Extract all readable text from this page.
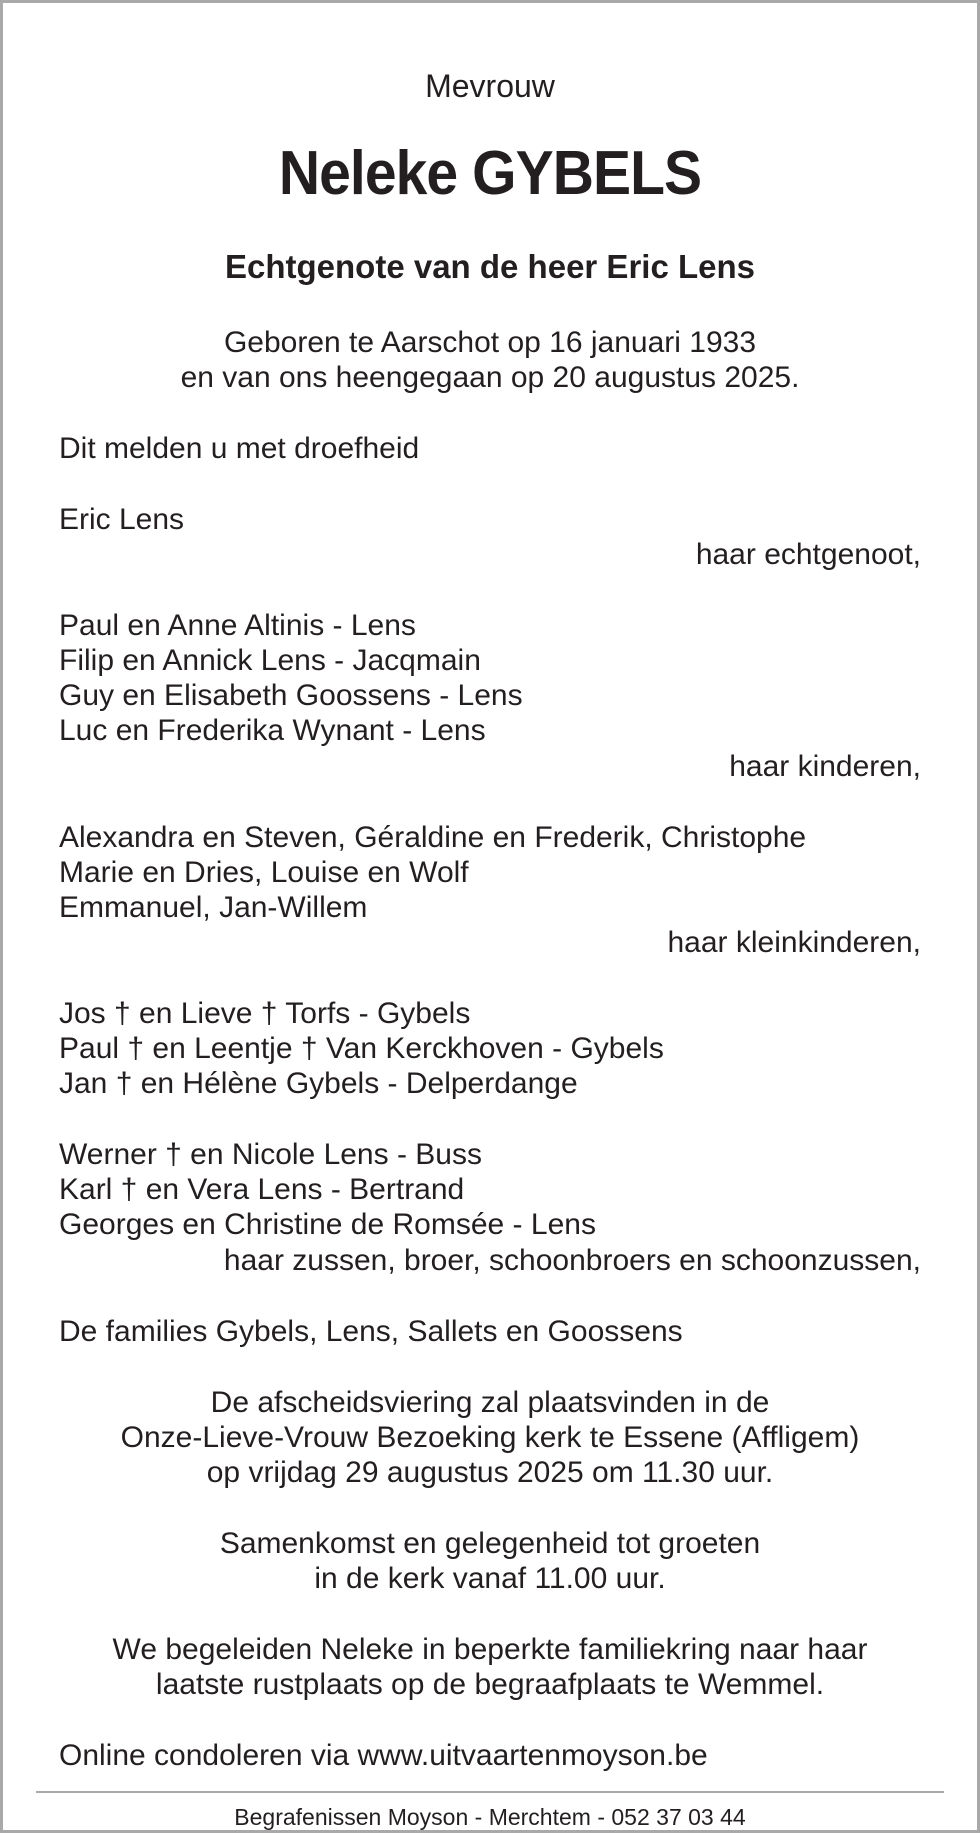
Mevrouw
Neleke GYBELS
Echtgenote van de heer Eric Lens
Geboren te Aarschot op 16 januari 1933
en van ons heengegaan op 20 augustus 2025.
Dit melden u met droefheid
Eric Lens
haar echtgenoot,
Paul en Anne Altinis - Lens
Filip en Annick Lens - Jacqmain
Guy en Elisabeth Goossens - Lens
Luc en Frederika Wynant - Lens
haar kinderen,
Alexandra en Steven, Géraldine en Frederik, Christophe
Marie en Dries, Louise en Wolf
Emmanuel, Jan-Willem
haar kleinkinderen,
Jos † en Lieve † Torfs - Gybels
Paul † en Leentje † Van Kerckhoven - Gybels
Jan † en Hélène Gybels - Delperdange
Werner † en Nicole Lens - Buss
Karl † en Vera Lens - Bertrand
Georges en Christine de Romsée - Lens
haar zussen, broer, schoonbroers en schoonzussen,
De families Gybels, Lens, Sallets en Goossens
De afscheidsviering zal plaatsvinden in de
Onze-Lieve-Vrouw Bezoeking kerk te Essene (Affligem)
op vrijdag 29 augustus 2025 om 11.30 uur.
Samenkomst en gelegenheid tot groeten
in de kerk vanaf 11.00 uur.
We begeleiden Neleke in beperkte familiekring naar haar
laatste rustplaats op de begraafplaats te Wemmel.
Online condoleren via www.uitvaartenmoyson.be
Begrafenissen Moyson - Merchtem - 052 37 03 44
